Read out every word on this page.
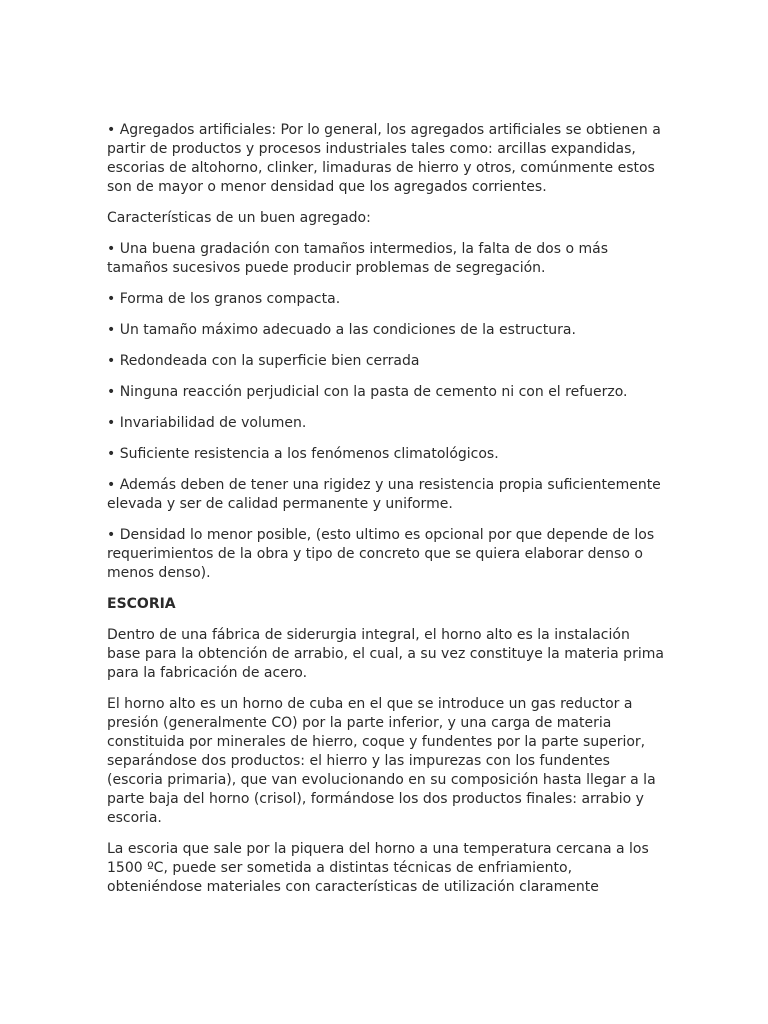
• Agregados artificiales: Por lo general, los agregados artificiales se obtienen a
partir de productos y procesos industriales tales como: arcillas expandidas,
escorias de altohorno, clinker, limaduras de hierro y otros, comúnmente estos
son de mayor o menor densidad que los agregados corrientes.

Características de un buen agregado:

• Una buena gradación con tamaños intermedios, la falta de dos o más
tamaños sucesivos puede producir problemas de segregación.

• Forma de los granos compacta.

• Un tamaño máximo adecuado a las condiciones de la estructura.

• Redondeada con la superficie bien cerrada

• Ninguna reacción perjudicial con la pasta de cemento ni con el refuerzo.

• Invariabilidad de volumen.

• Suficiente resistencia a los fenómenos climatológicos.

• Además deben de tener una rigidez y una resistencia propia suficientemente
elevada y ser de calidad permanente y uniforme.

• Densidad lo menor posible, (esto ultimo es opcional por que depende de los
requerimientos de la obra y tipo de concreto que se quiera elaborar denso o
menos denso).

ESCORIA

Dentro de una fábrica de siderurgia integral, el horno alto es la instalación
base para la obtención de arrabio, el cual, a su vez constituye la materia prima
para la fabricación de acero.

El horno alto es un horno de cuba en el que se introduce un gas reductor a
presión (generalmente CO) por la parte inferior, y una carga de materia
constituida por minerales de hierro, coque y fundentes por la parte superior,
separándose dos productos: el hierro y las impurezas con los fundentes
(escoria primaria), que van evolucionando en su composición hasta llegar a la
parte baja del horno (crisol), formándose los dos productos finales: arrabio y
escoria.

La escoria que sale por la piquera del horno a una temperatura cercana a los
1500 ºC, puede ser sometida a distintas técnicas de enfriamiento,
obteniéndose materiales con características de utilización claramente
